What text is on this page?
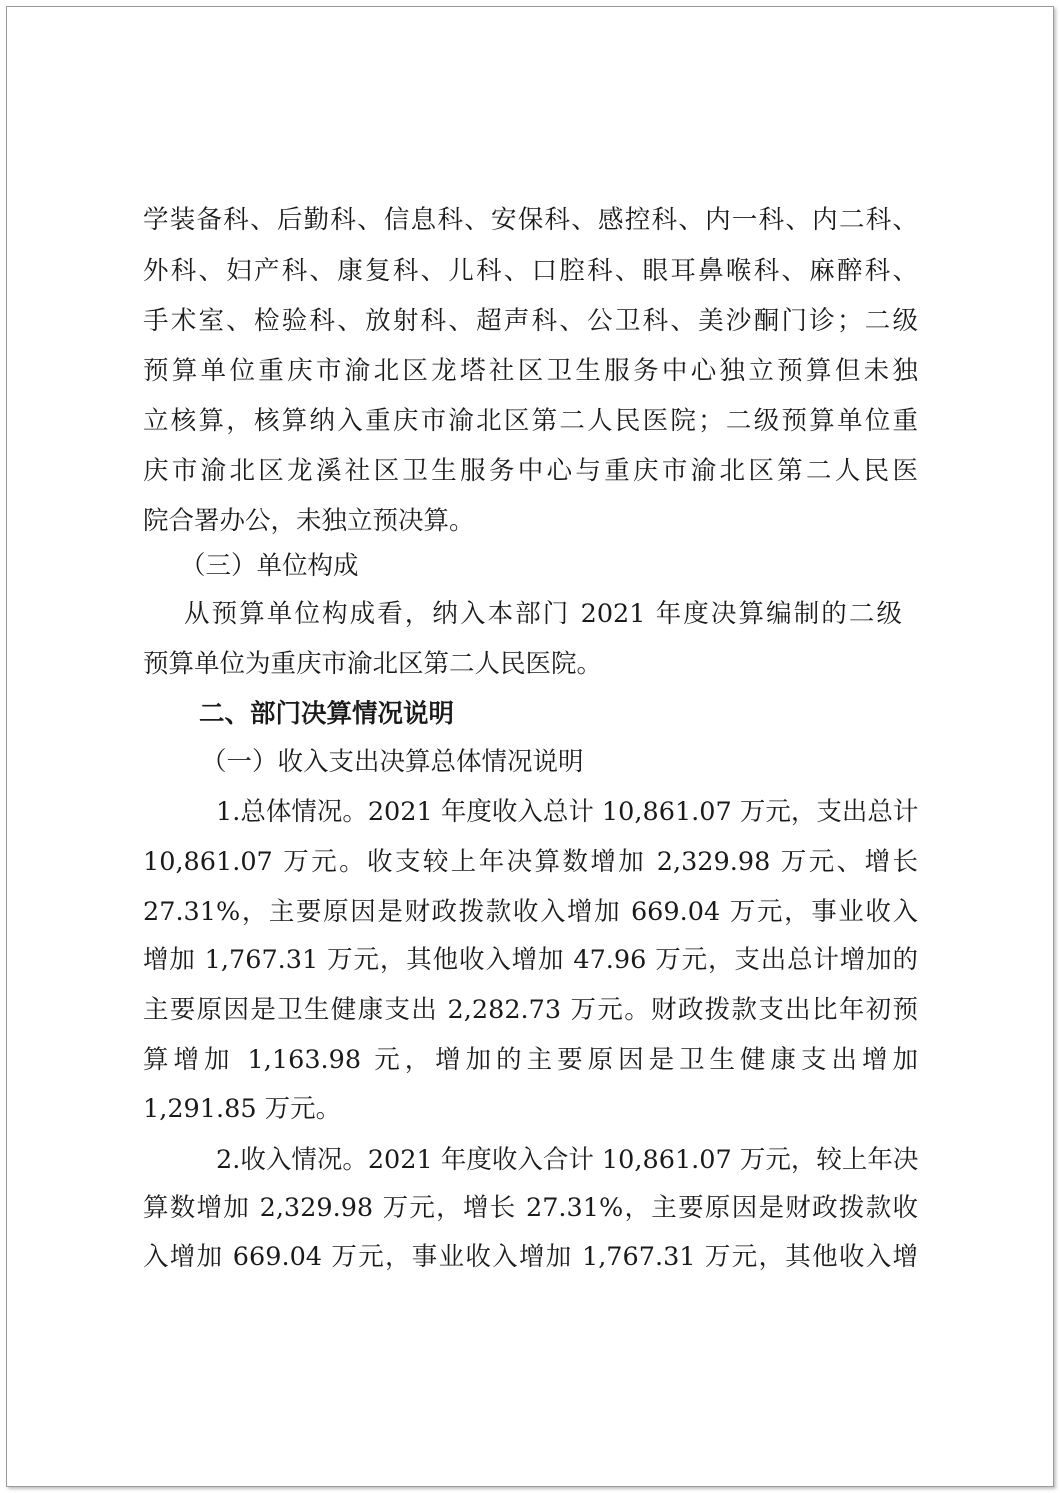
学装备科、后勤科、信息科、安保科、感控科、内一科、内二科、
外科、妇产科、康复科、儿科、口腔科、眼耳鼻喉科、麻醉科、
手术室、检验科、放射科、超声科、公卫科、美沙酮门诊；二级
预算单位重庆市渝北区龙塔社区卫生服务中心独立预算但未独
立核算，核算纳入重庆市渝北区第二人民医院；二级预算单位重
庆市渝北区龙溪社区卫生服务中心与重庆市渝北区第二人民医
院合署办公，未独立预决算。
（三）单位构成
从预算单位构成看，纳入本部门 2021 年度决算编制的二级
预算单位为重庆市渝北区第二人民医院。
二、部门决算情况说明
（一）收入支出决算总体情况说明
1.总体情况。2021 年度收入总计 10,861.07 万元，支出总计
10,861.07 万元。收支较上年决算数增加 2,329.98 万元、增长
27.31%，主要原因是财政拨款收入增加 669.04 万元，事业收入
增加 1,767.31 万元，其他收入增加 47.96 万元，支出总计增加的
主要原因是卫生健康支出 2,282.73 万元。财政拨款支出比年初预
算增加 1,163.98 元，增加的主要原因是卫生健康支出增加
1,291.85 万元。
2.收入情况。2021 年度收入合计 10,861.07 万元，较上年决
算数增加 2,329.98 万元，增长 27.31%，主要原因是财政拨款收
入增加 669.04 万元，事业收入增加 1,767.31 万元，其他收入增
